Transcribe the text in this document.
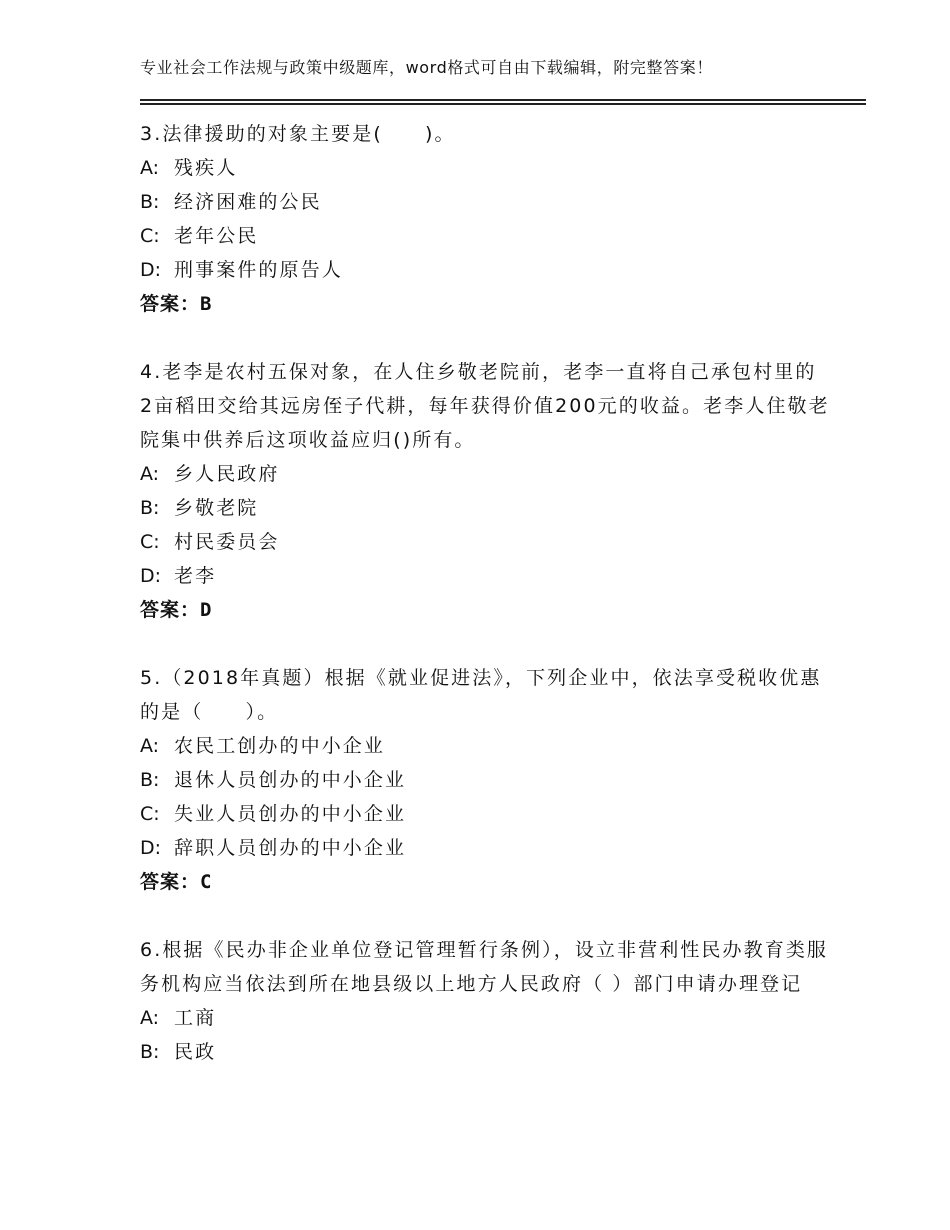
专业社会工作法规与政策中级题库，word格式可自由下载编辑，附完整答案！
3.法律援助的对象主要是(　　)。
A: 残疾人
B: 经济困难的公民
C: 老年公民
D: 刑事案件的原告人
答案：B
4.老李是农村五保对象，在人住乡敬老院前，老李一直将自己承包村里的2亩稻田交给其远房侄子代耕，每年获得价值200元的收益。老李人住敬老院集中供养后这项收益应归()所有。
A: 乡人民政府
B: 乡敬老院
C: 村民委员会
D: 老李
答案：D
5.（2018年真题）根据《就业促进法》，下列企业中，依法享受税收优惠的是（　　）。
A: 农民工创办的中小企业
B: 退休人员创办的中小企业
C: 失业人员创办的中小企业
D: 辞职人员创办的中小企业
答案：C
6.根据《民办非企业单位登记管理暂行条例），设立非营利性民办教育类服务机构应当依法到所在地县级以上地方人民政府（ ）部门申请办理登记
A: 工商
B: 民政
